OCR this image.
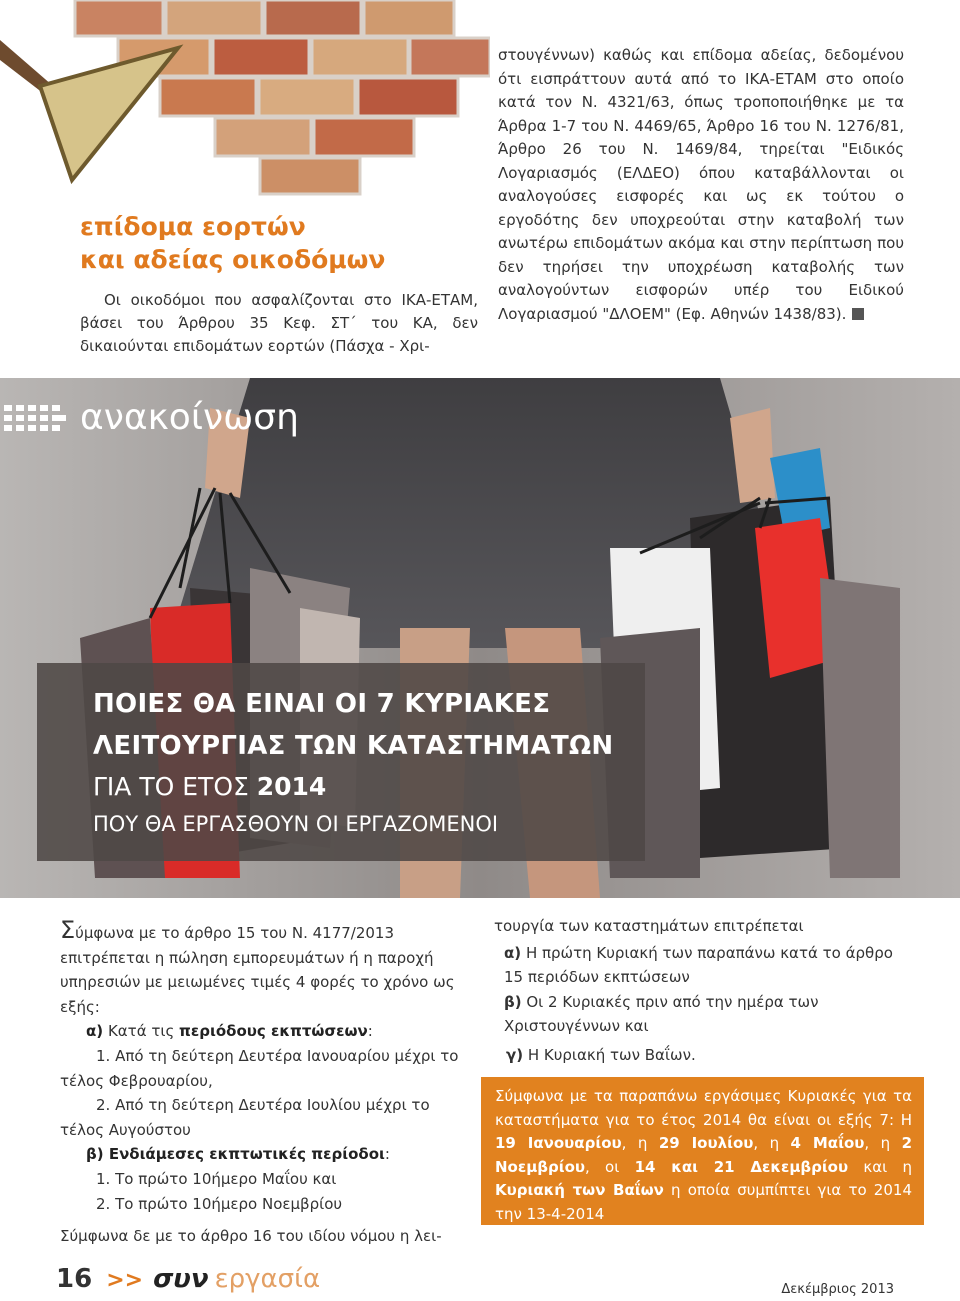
επίδομα εορτών
και αδείας οικοδόμων

Οι οικοδόμοι που ασφαλίζονται στο ΙΚΑ-ΕΤΑΜ, βάσει του Άρθρου 35 Κεφ. ΣΤ΄ του ΚΑ, δεν δικαιούνται επιδομάτων εορτών (Πάσχα - Χρι-

στουγέννων) καθώς και επίδομα αδείας, δεδομένου ότι εισπράττουν αυτά από το ΙΚΑ-ΕΤΑΜ στο οποίο κατά τον Ν. 4321/63, όπως τροποποιήθηκε με τα Άρθρα 1-7 του Ν. 4469/65, Άρθρο 16 του Ν. 1276/81, Άρθρο 26 του Ν. 1469/84, τηρείται "Ειδικός Λογαριασμός (ΕΛΔΕΟ) όπου καταβάλλονται οι αναλογούσες εισφορές και ως εκ τούτου ο εργοδότης δεν υποχρεούται στην καταβολή των ανωτέρω επιδομάτων ακόμα και στην περίπτωση που δεν τηρήσει την υποχρέωση καταβολής των αναλογούντων εισφορών υπέρ του Ειδικού Λογαριασμού "ΔΛΟΕΜ" (Εφ. Αθηνών 1438/83).

ανακοίνωση
ΠΟΙΕΣ ΘΑ ΕΙΝΑΙ ΟΙ 7 ΚΥΡΙΑΚΕΣ
ΛΕΙΤΟΥΡΓΙΑΣ ΤΩΝ ΚΑΤΑΣΤΗΜΑΤΩΝ
ΓΙΑ ΤΟ ΕΤΟΣ 2014
ΠΟΥ ΘΑ ΕΡΓΑΣΘΟΥΝ ΟΙ ΕΡΓΑΖΟΜΕΝΟΙ

Σύμφωνα με το άρθρο 15 του Ν. 4177/2013 επιτρέπεται η πώληση εμπορευμάτων ή η παροχή υπηρεσιών με μειωμένες τιμές 4 φορές το χρόνο ως εξής:

α) Κατά τις περιόδους εκπτώσεων:

1. Από τη δεύτερη Δευτέρα Ιανουαρίου μέχρι το τέλος Φεβρουαρίου,

2. Από τη δεύτερη Δευτέρα Ιουλίου μέχρι το τέλος Αυγούστου

β) Ενδιάμεσες εκπτωτικές περίοδοι:

1. Το πρώτο 10ήμερο Μαΐου και

2. Το πρώτο 10ήμερο Νοεμβρίου

Σύμφωνα δε με το άρθρο 16 του ιδίου νόμου η λει-

τουργία των καταστημάτων επιτρέπεται

α) Η πρώτη Κυριακή των παραπάνω κατά το άρθρο 15 περιόδων εκπτώσεων

β) Οι 2 Κυριακές πριν από την ημέρα των Χριστουγέννων και

γ) Η Κυριακή των Βαΐων.

Σύμφωνα με τα παραπάνω εργάσιμες Κυριακές για τα καταστήματα για το έτος 2014 θα είναι οι εξής 7: Η 19 Ιανουαρίου, η 29 Ιουλίου, η 4 Μαΐου, η 2 Νοεμβρίου, οι 14 και 21 Δεκεμβρίου και η Κυριακή των Βαΐων η οποία συμπίπτει για το 2014 την 13-4-2014

16 >> συν εργασία	Δεκέμβριος 2013
